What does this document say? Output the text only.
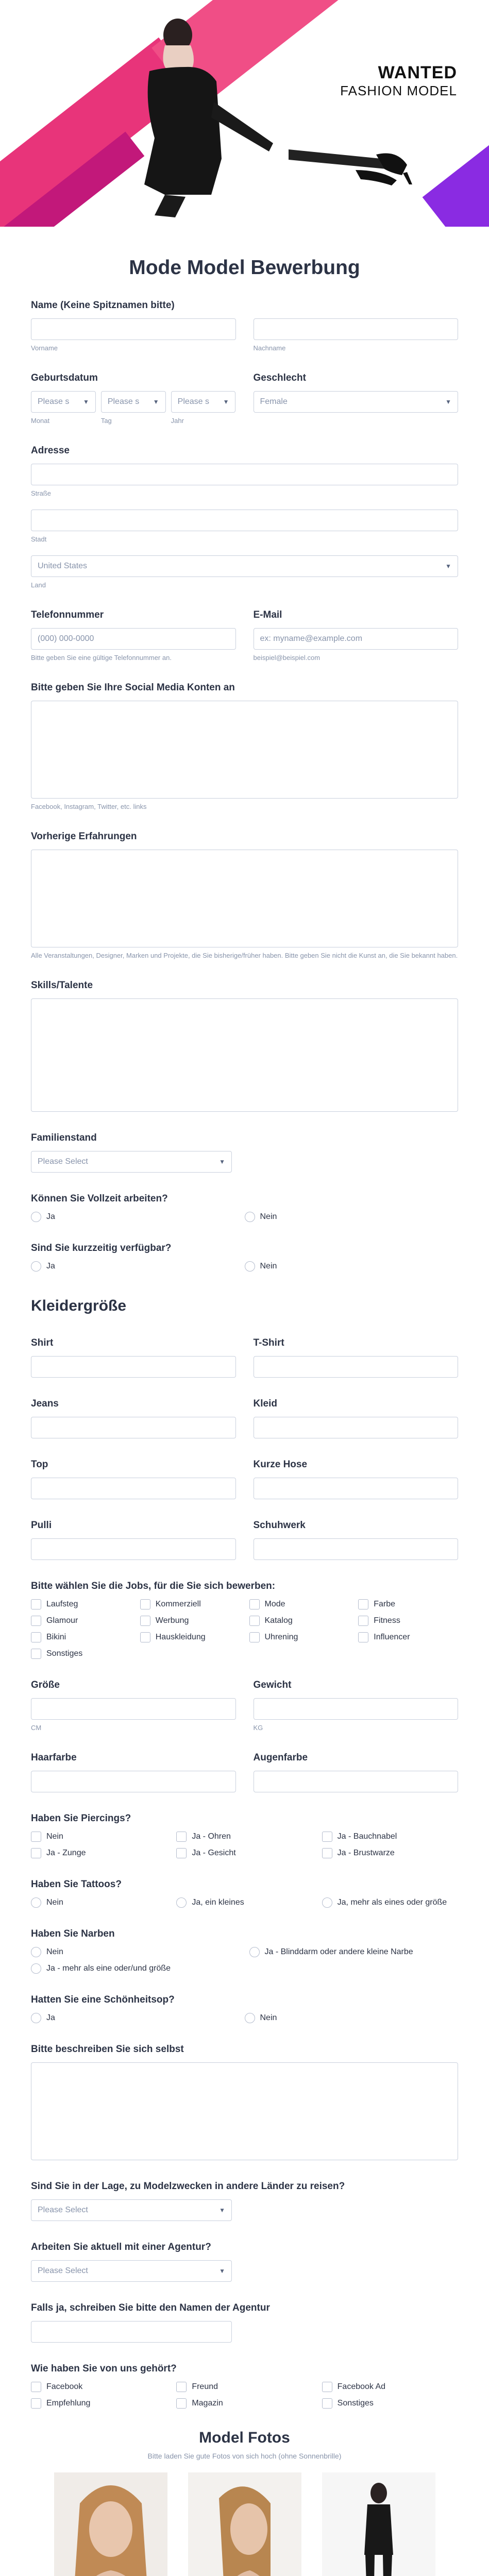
WANTED
FASHION MODEL
Mode Model Bewerbung
Name (Keine Spitznamen bitte)
Vorname	Nachname
Geburtsdatum
Please s ▼
Monat
Please s ▼
Tag
Please s ▼
Jahr
Geschlecht
Female	▼
Adresse
Straße
Stadt
United States	▼
Land
Telefonnummer
(000) 000-0000
Bitte geben Sie eine gültige Telefonnummer an.
E-Mail
ex: myname@example.com
beispiel@beispiel.com
Bitte geben Sie Ihre Social Media Konten an
Facebook, Instagram, Twitter, etc. links
Vorherige Erfahrungen
Alle Veranstaltungen, Designer, Marken und Projekte, die Sie bisherige/früher haben. Bitte geben Sie nicht die Kunst an, die Sie bekannt haben.
Skills/Talente
Familienstand
Please Select	▼
Können Sie Vollzeit arbeiten?
Ja	Nein
Sind Sie kurzzeitig verfügbar?
Ja	Nein
Kleidergröße
Shirt	T-Shirt
Jeans	Kleid
Top	Kurze Hose
Pulli	Schuhwerk
Bitte wählen Sie die Jobs, für die Sie sich bewerben:
Laufsteg	Kommerziell	Mode	Farbe
Glamour	Werbung	Katalog	Fitness
Bikini	Hauskleidung	Uhrening	Influencer
Sonstiges
Größe
CM
Gewicht
KG
Haarfarbe	Augenfarbe
Haben Sie Piercings?
Nein	Ja - Ohren	Ja - Bauchnabel
Ja - Zunge	Ja - Gesicht	Ja - Brustwarze
Haben Sie Tattoos?
Nein	Ja, ein kleines	Ja, mehr als eines oder größe
Haben Sie Narben
Nein	Ja - Blinddarm oder andere kleine Narbe
Ja - mehr als eine oder/und größe
Hatten Sie eine Schönheitsop?
Ja	Nein
Bitte beschreiben Sie sich selbst
Sind Sie in der Lage, zu Modelzwecken in andere Länder zu reisen?
Please Select	▼
Arbeiten Sie aktuell mit einer Agentur?
Please Select	▼
Falls ja, schreiben Sie bitte den Namen der Agentur
Wie haben Sie von uns gehört?
Facebook	Freund	Facebook Ad
Empfehlung	Magazin	Sonstiges
Model Fotos
Bitte laden Sie gute Fotos von sich hoch (ohne Sonnenbrille)
